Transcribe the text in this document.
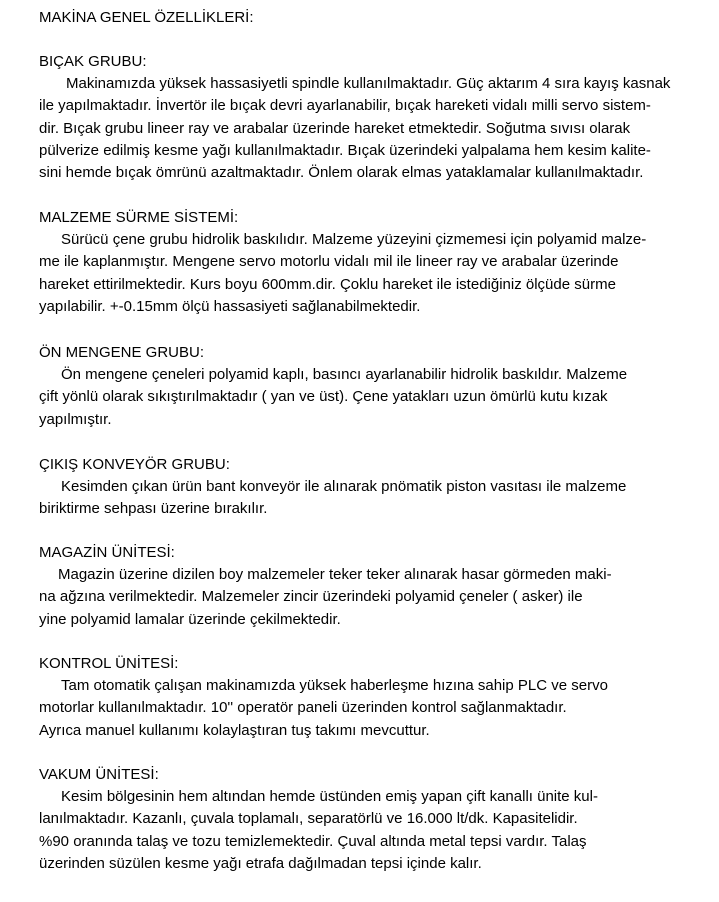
MAKİNA GENEL ÖZELLİKLERİ:

BIÇAK GRUBU:

Makinamızda yüksek hassasiyetli spindle kullanılmaktadır. Güç aktarım 4 sıra kayış kasnak

ile yapılmaktadır. İnvertör ile bıçak devri ayarlanabilir, bıçak hareketi vidalı milli servo sistem-

dir. Bıçak grubu lineer ray ve arabalar üzerinde hareket etmektedir. Soğutma sıvısı olarak

pülverize edilmiş kesme yağı kullanılmaktadır. Bıçak üzerindeki yalpalama hem kesim kalite-

sini hemde bıçak ömrünü azaltmaktadır. Önlem olarak elmas yataklamalar kullanılmaktadır.

MALZEME SÜRME SİSTEMİ:

Sürücü çene grubu hidrolik baskılıdır. Malzeme yüzeyini çizmemesi için polyamid malze-

me ile kaplanmıştır. Mengene servo motorlu vidalı mil ile lineer ray ve arabalar üzerinde

hareket ettirilmektedir. Kurs boyu 600mm.dir. Çoklu hareket ile istediğiniz ölçüde sürme

yapılabilir. +-0.15mm ölçü hassasiyeti sağlanabilmektedir.

ÖN MENGENE GRUBU:

Ön mengene çeneleri polyamid kaplı, basıncı ayarlanabilir hidrolik baskıldır. Malzeme

çift yönlü olarak sıkıştırılmaktadır ( yan ve üst). Çene yatakları uzun ömürlü kutu kızak

yapılmıştır.

ÇIKIŞ KONVEYÖR GRUBU:

Kesimden çıkan ürün bant konveyör ile alınarak pnömatik piston vasıtası ile malzeme

biriktirme sehpası üzerine bırakılır.

MAGAZİN ÜNİTESİ:

Magazin üzerine dizilen boy malzemeler teker teker alınarak hasar görmeden maki-

na ağzına verilmektedir. Malzemeler zincir üzerindeki polyamid çeneler ( asker) ile

yine polyamid lamalar üzerinde çekilmektedir.

KONTROL ÜNİTESİ:

Tam otomatik çalışan makinamızda yüksek haberleşme hızına sahip PLC ve servo

motorlar kullanılmaktadır. 10'' operatör paneli üzerinden kontrol sağlanmaktadır.

Ayrıca manuel kullanımı kolaylaştıran tuş takımı mevcuttur.

VAKUM ÜNİTESİ:

Kesim bölgesinin hem altından hemde üstünden emiş yapan çift kanallı ünite kul-

lanılmaktadır. Kazanlı, çuvala toplamalı, separatörlü ve 16.000 lt/dk. Kapasitelidir.

%90 oranında talaş ve tozu temizlemektedir. Çuval altında metal tepsi vardır. Talaş

üzerinden süzülen kesme yağı etrafa dağılmadan tepsi içinde kalır.
